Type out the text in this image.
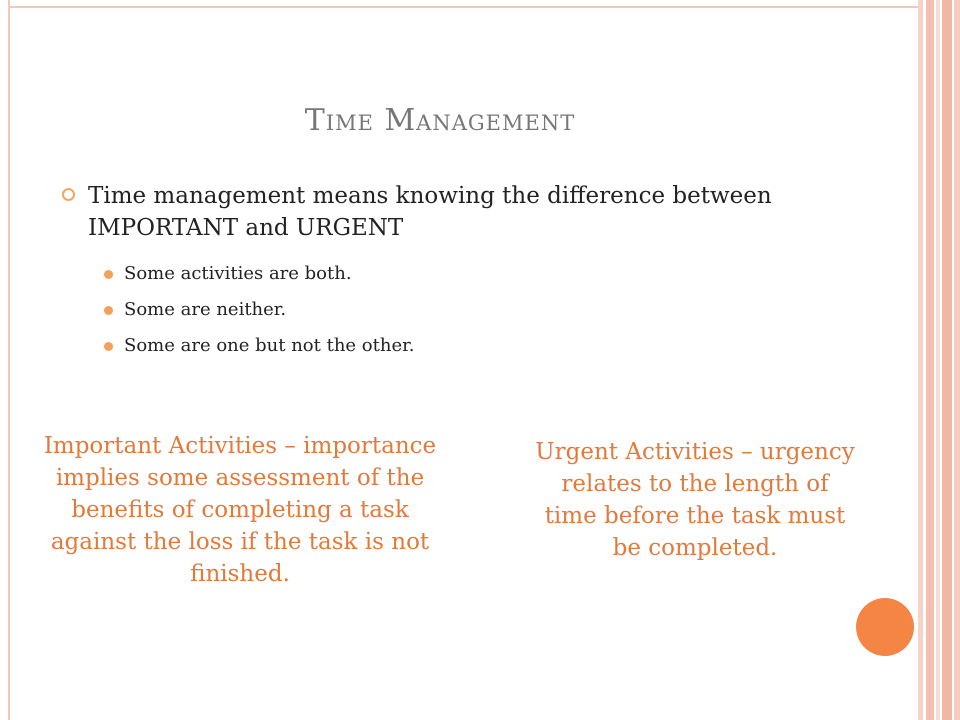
Time Management
Time management means knowing the difference between IMPORTANT and URGENT
Some activities are both.
Some are neither.
Some are one but not the other.
Important Activities – importance implies some assessment of the benefits of completing a task against the loss if the task is not finished.
Urgent Activities – urgency relates to the length of time before the task must be completed.
